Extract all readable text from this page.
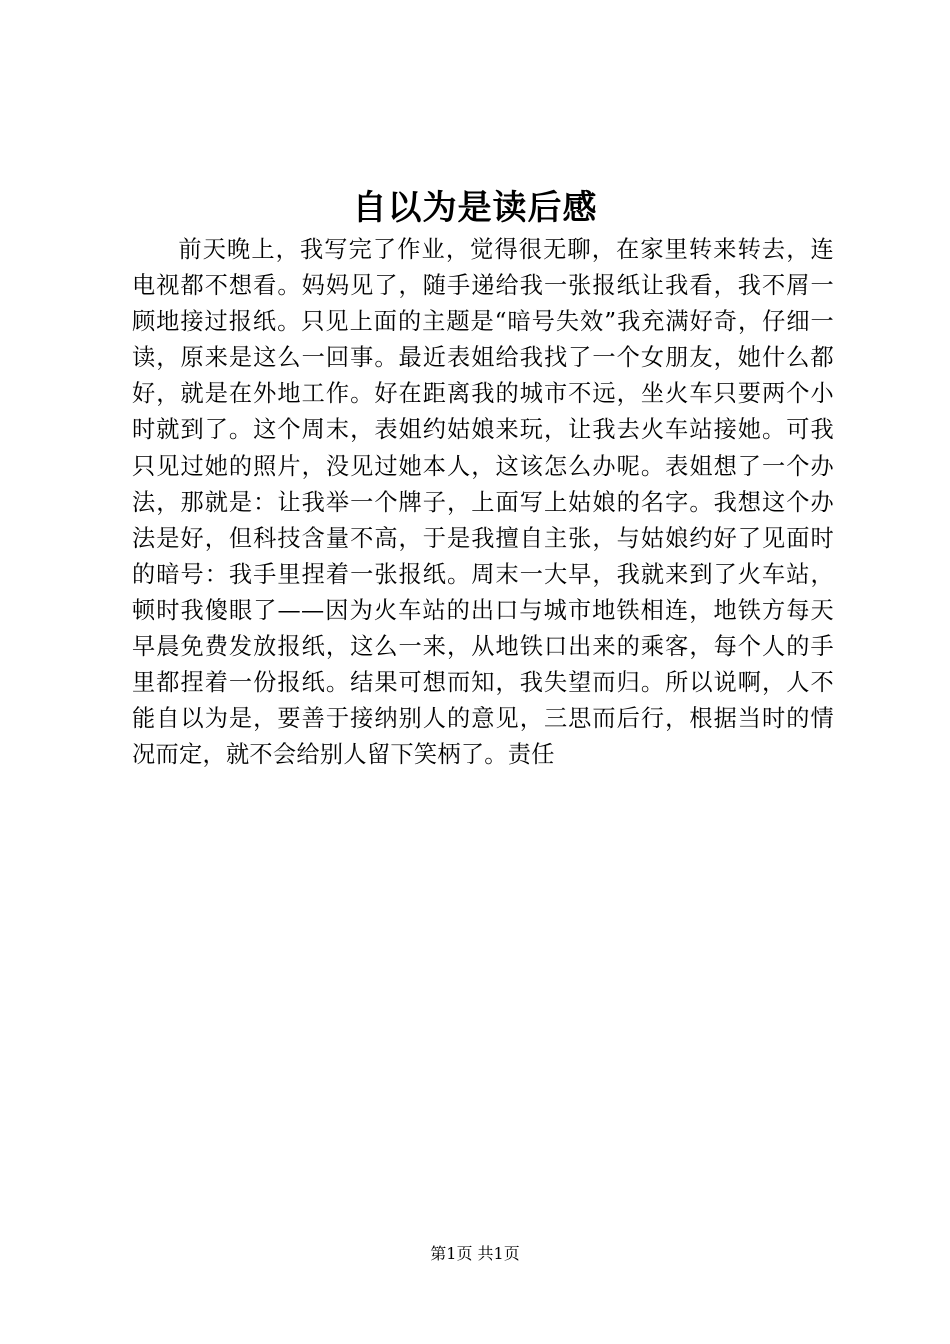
自以为是读后感

前天晚上，我写完了作业，觉得很无聊，在家里转来转去，连电视都不想看。妈妈见了，随手递给我一张报纸让我看，我不屑一顾地接过报纸。只见上面的主题是“暗号失效”我充满好奇，仔细一读，原来是这么一回事。最近表姐给我找了一个女朋友，她什么都好，就是在外地工作。好在距离我的城市不远，坐火车只要两个小时就到了。这个周末，表姐约姑娘来玩，让我去火车站接她。可我只见过她的照片，没见过她本人，这该怎么办呢。表姐想了一个办法，那就是：让我举一个牌子，上面写上姑娘的名字。我想这个办法是好，但科技含量不高，于是我擅自主张，与姑娘约好了见面时的暗号：我手里捏着一张报纸。周末一大早，我就来到了火车站，顿时我傻眼了——因为火车站的出口与城市地铁相连，地铁方每天早晨免费发放报纸，这么一来，从地铁口出来的乘客，每个人的手里都捏着一份报纸。结果可想而知，我失望而归。所以说啊，人不能自以为是，要善于接纳别人的意见，三思而后行，根据当时的情况而定，就不会给别人留下笑柄了。责任

第1页 共1页
